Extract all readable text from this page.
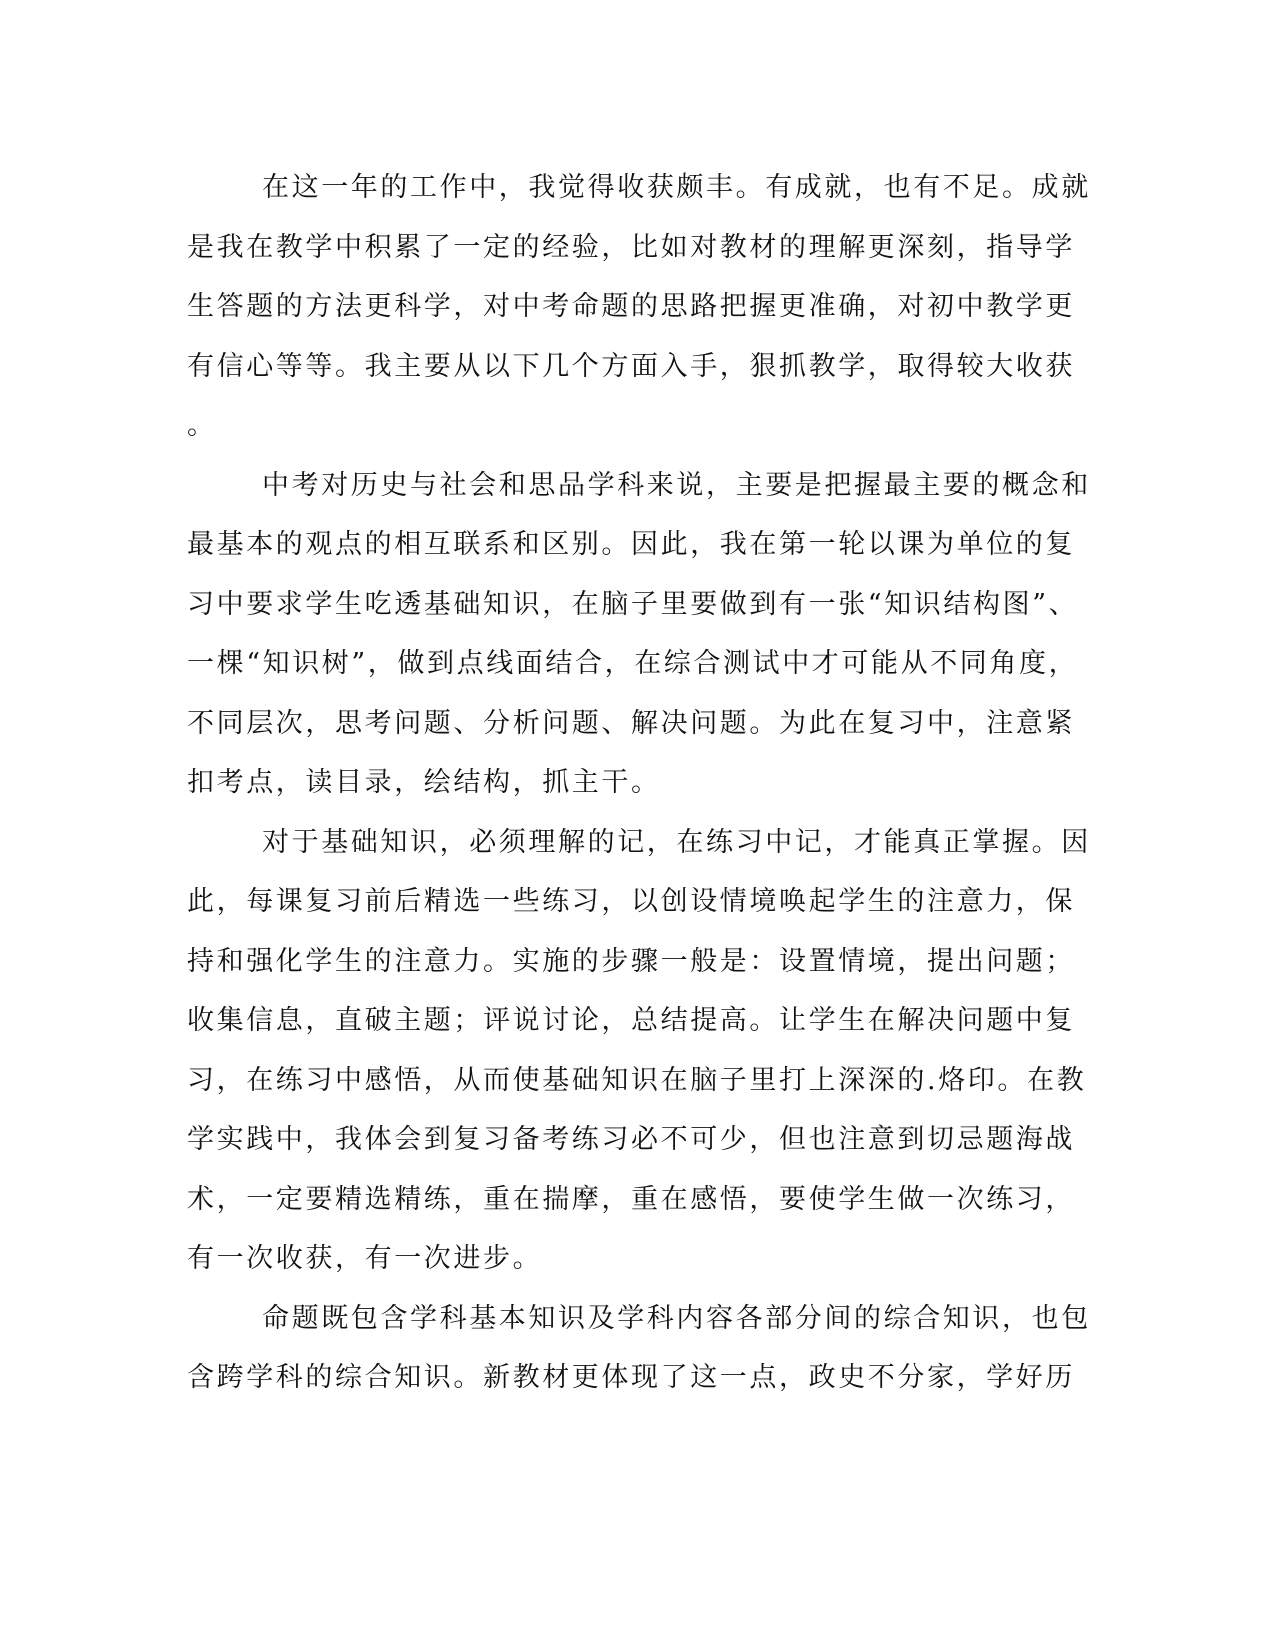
在这一年的工作中，我觉得收获颇丰。有成就，也有不足。成就
是我在教学中积累了一定的经验，比如对教材的理解更深刻，指导学
生答题的方法更科学，对中考命题的思路把握更准确，对初中教学更
有信心等等。我主要从以下几个方面入手，狠抓教学，取得较大收获
。
中考对历史与社会和思品学科来说，主要是把握最主要的概念和
最基本的观点的相互联系和区别。因此，我在第一轮以课为单位的复
习中要求学生吃透基础知识，在脑子里要做到有一张“知识结构图”、
一棵“知识树”，做到点线面结合，在综合测试中才可能从不同角度，
不同层次，思考问题、分析问题、解决问题。为此在复习中，注意紧
扣考点，读目录，绘结构，抓主干。
对于基础知识，必须理解的记，在练习中记，才能真正掌握。因
此，每课复习前后精选一些练习，以创设情境唤起学生的注意力，保
持和强化学生的注意力。实施的步骤一般是：设置情境，提出问题；
收集信息，直破主题；评说讨论，总结提高。让学生在解决问题中复
习，在练习中感悟，从而使基础知识在脑子里打上深深的.烙印。在教
学实践中，我体会到复习备考练习必不可少，但也注意到切忌题海战
术，一定要精选精练，重在揣摩，重在感悟，要使学生做一次练习，
有一次收获，有一次进步。
命题既包含学科基本知识及学科内容各部分间的综合知识，也包
含跨学科的综合知识。新教材更体现了这一点，政史不分家，学好历
